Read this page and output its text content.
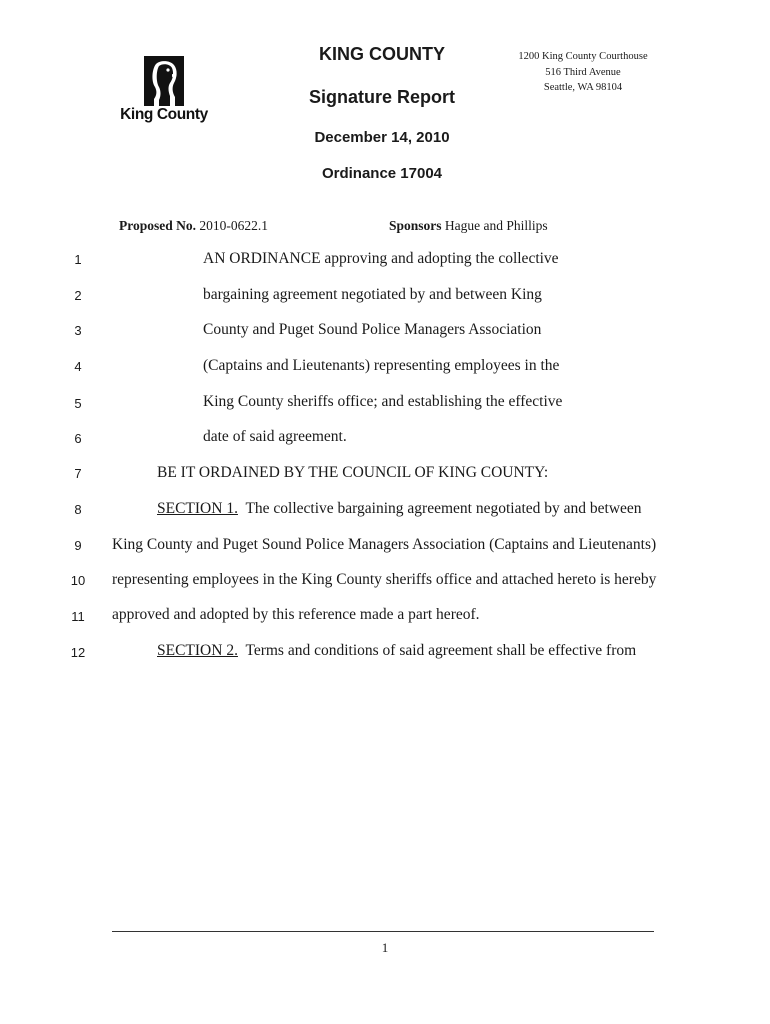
King County
KING COUNTY
Signature Report
December 14, 2010
Ordinance 17004
1200 King County Courthouse
516 Third Avenue
Seattle, WA 98104
Proposed No. 2010-0622.1	Sponsors Hague and Phillips
1	AN ORDINANCE approving and adopting the collective
2	bargaining agreement negotiated by and between King
3	County and Puget Sound Police Managers Association
4	(Captains and Lieutenants) representing employees in the
5	King County sheriffs office; and establishing the effective
6	date of said agreement.
7	BE IT ORDAINED BY THE COUNCIL OF KING COUNTY:
8	SECTION 1. The collective bargaining agreement negotiated by and between
9	King County and Puget Sound Police Managers Association (Captains and Lieutenants)
10	representing employees in the King County sheriffs office and attached hereto is hereby
11	approved and adopted by this reference made a part hereof.
12	SECTION 2. Terms and conditions of said agreement shall be effective from
1
